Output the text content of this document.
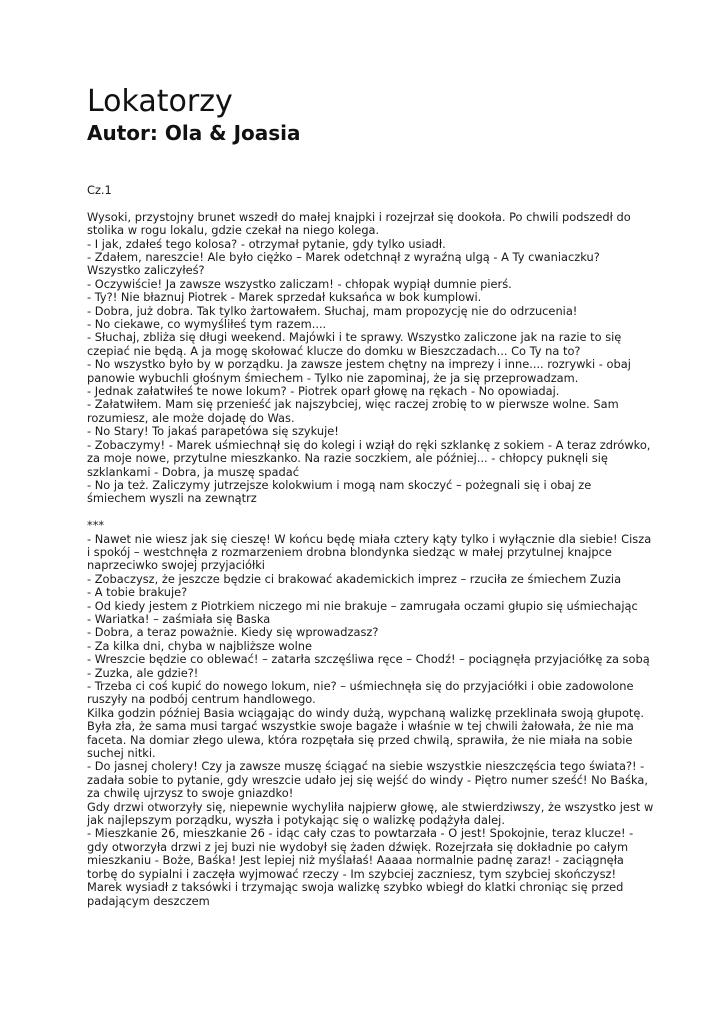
Lokatorzy
Autor: Ola & Joasia
Cz.1
Wysoki, przystojny brunet wszedł do małej knajpki i rozejrzał się dookoła. Po chwili podszedł do
stolika w rogu lokalu, gdzie czekał na niego kolega.
- I jak, zdałeś tego kolosa? - otrzymał pytanie, gdy tylko usiadł.
- Zdałem, nareszcie! Ale było ciężko – Marek odetchnął z wyraźną ulgą - A Ty cwaniaczku?
Wszystko zaliczyłeś?
- Oczywiście! Ja zawsze wszystko zaliczam! - chłopak wypiął dumnie pierś.
- Ty?! Nie błaznuj Piotrek - Marek sprzedał kuksańca w bok kumplowi.
- Dobra, już dobra. Tak tylko żartowałem. Słuchaj, mam propozycję nie do odrzucenia!
- No ciekawe, co wymyśliłeś tym razem....
- Słuchaj, zbliża się długi weekend. Majówki i te sprawy. Wszystko zaliczone jak na razie to się
czepiać nie będą. A ja mogę skołować klucze do domku w Bieszczadach... Co Ty na to?
- No wszystko było by w porządku. Ja zawsze jestem chętny na imprezy i inne.... rozrywki - obaj
panowie wybuchli głośnym śmiechem - Tylko nie zapominaj, że ja się przeprowadzam.
- Jednak załatwiłeś te nowe lokum? - Piotrek oparł głowę na rękach - No opowiadaj.
- Załatwiłem. Mam się przenieść jak najszybciej, więc raczej zrobię to w pierwsze wolne. Sam
rozumiesz, ale może dojadę do Was.
- No Stary! To jakaś parapetówa się szykuje!
- Zobaczymy! - Marek uśmiechnął się do kolegi i wziął do ręki szklankę z sokiem - A teraz zdrówko,
za moje nowe, przytulne mieszkanko. Na razie soczkiem, ale później... - chłopcy puknęli się
szklankami - Dobra, ja muszę spadać
- No ja też. Zaliczymy jutrzejsze kolokwium i mogą nam skoczyć – pożegnali się i obaj ze
śmiechem wyszli na zewnątrz
***
- Nawet nie wiesz jak się cieszę! W końcu będę miała cztery kąty tylko i wyłącznie dla siebie! Cisza
i spokój – westchnęła z rozmarzeniem drobna blondynka siedząc w małej przytulnej knajpce
naprzeciwko swojej przyjaciółki
- Zobaczysz, że jeszcze będzie ci brakować akademickich imprez – rzuciła ze śmiechem Zuzia
- A tobie brakuje?
- Od kiedy jestem z Piotrkiem niczego mi nie brakuje – zamrugała oczami głupio się uśmiechając
- Wariatka! – zaśmiała się Baska
- Dobra, a teraz poważnie. Kiedy się wprowadzasz?
- Za kilka dni, chyba w najbliższe wolne
- Wreszcie będzie co oblewać! – zatarła szczęśliwa ręce – Chodź! – pociągnęła przyjaciółkę za sobą
- Zuzka, ale gdzie?!
- Trzeba ci coś kupić do nowego lokum, nie? – uśmiechnęła się do przyjaciółki i obie zadowolone
ruszyły na podbój centrum handlowego.
Kilka godzin później Basia wciągając do windy dużą, wypchaną walizkę przeklinała swoją głupotę.
Była zła, że sama musi targać wszystkie swoje bagaże i właśnie w tej chwili żałowała, że nie ma
faceta. Na domiar złego ulewa, która rozpętała się przed chwilą, sprawiła, że nie miała na sobie
suchej nitki.
- Do jasnej cholery! Czy ja zawsze muszę ściągać na siebie wszystkie nieszczęścia tego świata?! -
zadała sobie to pytanie, gdy wreszcie udało jej się wejść do windy - Piętro numer sześć! No Baśka,
za chwilę ujrzysz to swoje gniazdko!
Gdy drzwi otworzyły się, niepewnie wychyliła najpierw głowę, ale stwierdziwszy, że wszystko jest w
jak najlepszym porządku, wyszła i potykając się o walizkę podążyła dalej.
- Mieszkanie 26, mieszkanie 26 - idąc cały czas to powtarzała - O jest! Spokojnie, teraz klucze! -
gdy otworzyła drzwi z jej buzi nie wydobył się żaden dźwięk. Rozejrzała się dokładnie po całym
mieszkaniu - Boże, Baśka! Jest lepiej niż myślałaś! Aaaaa normalnie padnę zaraz! - zaciągnęła
torbę do sypialni i zaczęła wyjmować rzeczy - Im szybciej zaczniesz, tym szybciej skończysz!
Marek wysiadł z taksówki i trzymając swoja walizkę szybko wbiegł do klatki chroniąc się przed
padającym deszczem
